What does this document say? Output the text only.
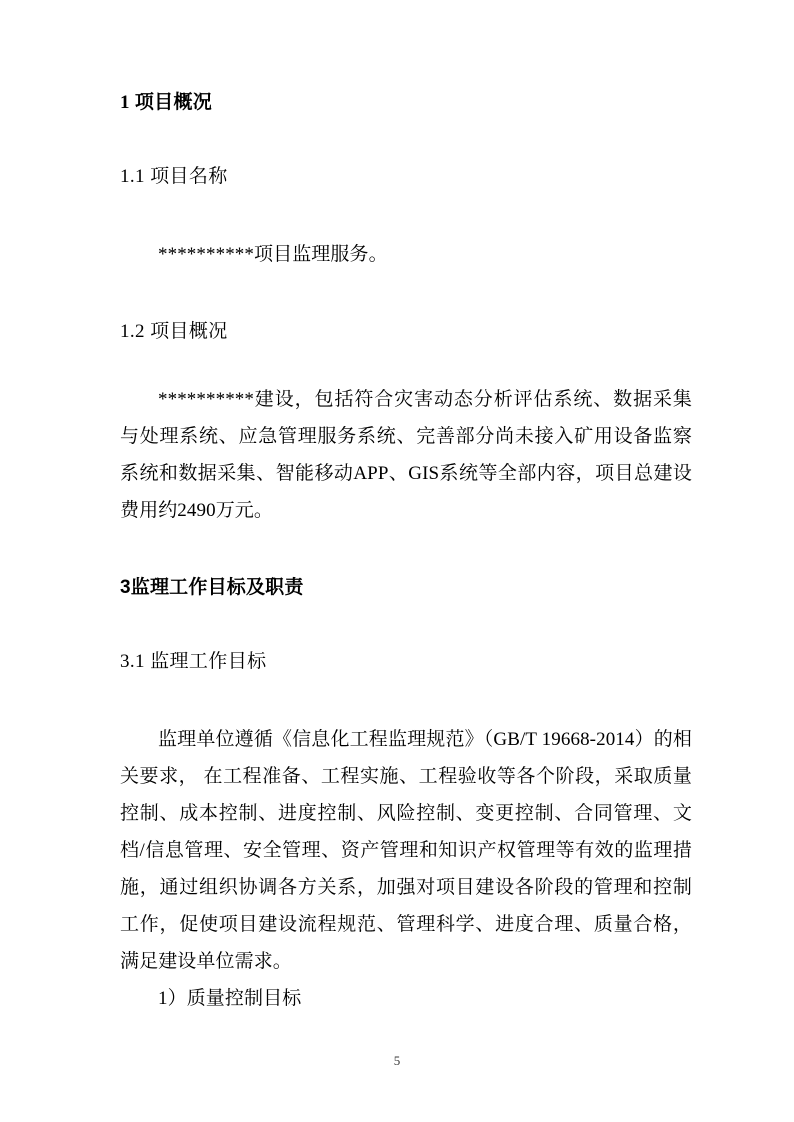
1 项目概况
1.1 项目名称

**********项目监理服务。

1.2 项目概况

**********建设，包括符合灾害动态分析评估系统、数据采集与处理系统、应急管理服务系统、完善部分尚未接入矿用设备监察系统和数据采集、智能移动APP、GIS系统等全部内容，项目总建设费用约2490万元。

3监理工作目标及职责
3.1 监理工作目标

监理单位遵循《信息化工程监理规范》（GB/T 19668-2014）的相关要求， 在工程准备、工程实施、工程验收等各个阶段，采取质量控制、成本控制、进度控制、风险控制、变更控制、合同管理、文档/信息管理、安全管理、资产管理和知识产权管理等有效的监理措施，通过组织协调各方关系，加强对项目建设各阶段的管理和控制工作，促使项目建设流程规范、管理科学、进度合理、质量合格，满足建设单位需求。

1）质量控制目标

5
